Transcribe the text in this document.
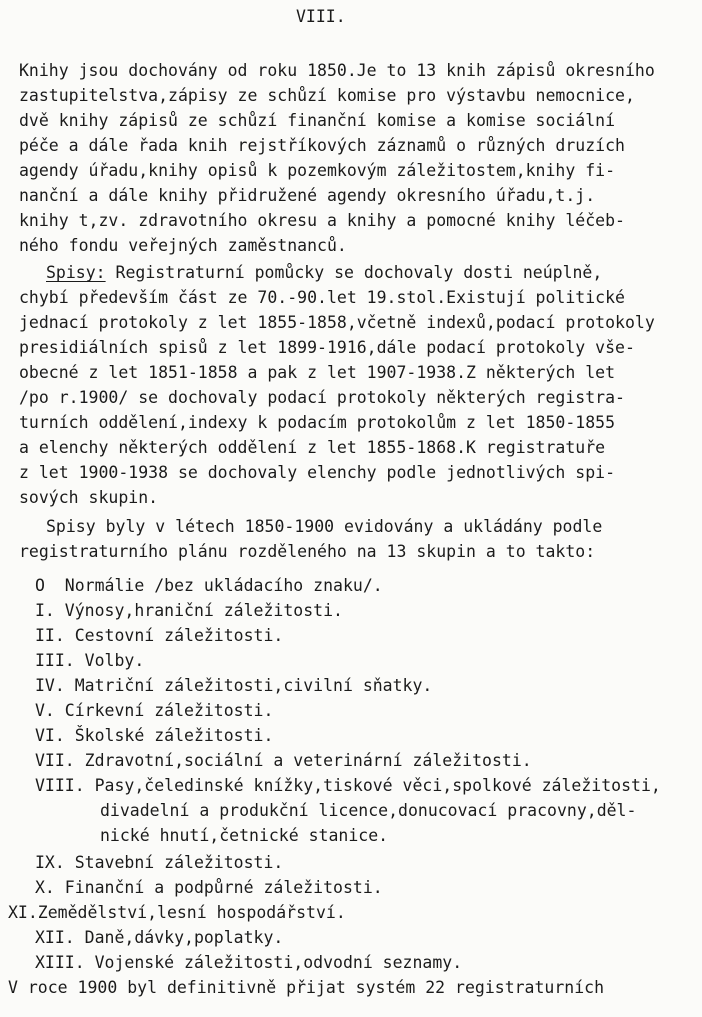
VIII.
Knihy jsou dochovány od roku 1850.Je to 13 knih zápisů okresního
zastupitelstva,zápisy ze schůzí komise pro výstavbu nemocnice,
dvě knihy zápisů ze schůzí finanční komise a komise sociální
péče a dále řada knih rejstříkových záznamů o různých druzích
agendy úřadu,knihy opisů k pozemkovým záležitostem,knihy fi-
nanční a dále knihy přidružené agendy okresního úřadu,t.j.
knihy t,zv. zdravotního okresu a knihy a pomocné knihy léčeb-
ného fondu veřejných zaměstnanců.
Spisy: Registraturní pomůcky se dochovaly dosti neúplně,
chybí především část ze 70.-90.let 19.stol.Existují politické
jednací protokoly z let 1855-1858,včetně indexů,podací protokoly
presidiálních spisů z let 1899-1916,dále podací protokoly vše-
obecné z let 1851-1858 a pak z let 1907-1938.Z některých let
/po r.1900/ se dochovaly podací protokoly některých registra-
turních oddělení,indexy k podacím protokolům z let 1850-1855
a elenchy některých oddělení z let 1855-1868.K registratuře
z let 1900-1938 se dochovaly elenchy podle jednotlivých spi-
sových skupin.
Spisy byly v létech 1850-1900 evidovány a ukládány podle
registraturního plánu rozděleného na 13 skupin a to takto:
O  Normálie /bez ukládacího znaku/.
I. Výnosy,hraniční záležitosti.
II. Cestovní záležitosti.
III. Volby.
IV. Matriční záležitosti,civilní sňatky.
V. Církevní záležitosti.
VI. Školské záležitosti.
VII. Zdravotní,sociální a veterinární záležitosti.
VIII. Pasy,čeledinské knížky,tiskové věci,spolkové záležitosti,
divadelní a produkční licence,donucovací pracovny,děl-
nické hnutí,četnické stanice.
IX. Stavební záležitosti.
X. Finanční a podpůrné záležitosti.
XI.Zemědělství,lesní hospodářství.
XII. Daně,dávky,poplatky.
XIII. Vojenské záležitosti,odvodní seznamy.
V roce 1900 byl definitivně přijat systém 22 registraturních
